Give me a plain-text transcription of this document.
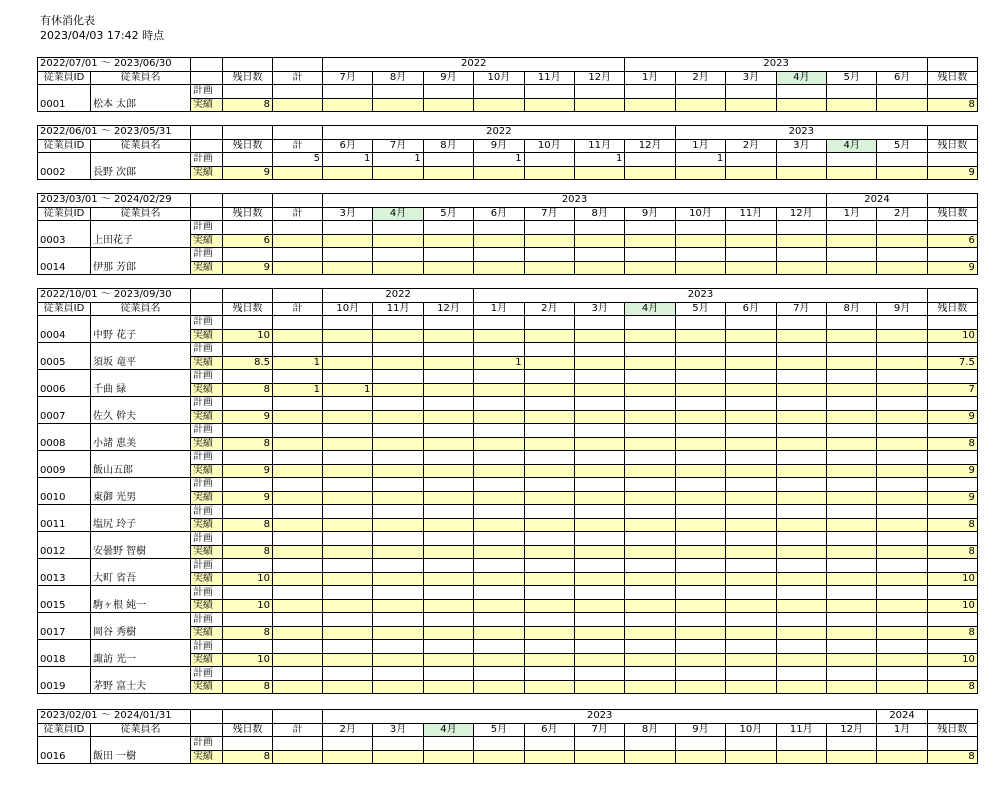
有休消化表
2023/04/03 17:42 時点
2022/07/01 ～ 2023/06/30					2022						2023						
従業員ID	従業員名		残日数	計	7月	8月	9月	10月	11月	12月	1月	2月	3月	4月	5月	6月	残日数
		計画															
0001	松本 太郎	実績	8														8
2022/06/01 ～ 2023/05/31					2022							2023					
従業員ID	従業員名		残日数	計	6月	7月	8月	9月	10月	11月	12月	1月	2月	3月	4月	5月	残日数
		計画		5	1	1		1		1		1					
0002	長野 次郎	実績	9														9
2023/03/01 ～ 2024/02/29					2023										2024		
従業員ID	従業員名		残日数	計	3月	4月	5月	6月	7月	8月	9月	10月	11月	12月	1月	2月	残日数
		計画															
0003	上田花子	実績	6														6
		計画															
0014	伊那 芳郎	実績	9														9
2022/10/01 ～ 2023/09/30					2022			2023									
従業員ID	従業員名		残日数	計	10月	11月	12月	1月	2月	3月	4月	5月	6月	7月	8月	9月	残日数
		計画															
0004	中野 花子	実績	10														10
		計画															
0005	須坂 竜平	実績	8.5	1				1									7.5
		計画															
0006	千曲 緑	実績	8	1	1												7
		計画															
0007	佐久 幹夫	実績	9														9
		計画															
0008	小諸 恵美	実績	8														8
		計画															
0009	飯山五郎	実績	9														9
		計画															
0010	東御 光男	実績	9														9
		計画															
0011	塩尻 玲子	実績	8														8
		計画															
0012	安曇野 智樹	実績	8														8
		計画															
0013	大町 省吾	実績	10														10
		計画															
0015	駒ヶ根 純一	実績	10														10
		計画															
0017	岡谷 秀樹	実績	8														8
		計画															
0018	諏訪 光一	実績	10														10
		計画															
0019	茅野 富士夫	実績	8														8
2023/02/01 ～ 2024/01/31					2023											2024	
従業員ID	従業員名		残日数	計	2月	3月	4月	5月	6月	7月	8月	9月	10月	11月	12月	1月	残日数
		計画															
0016	飯田 一樹	実績	8														8
